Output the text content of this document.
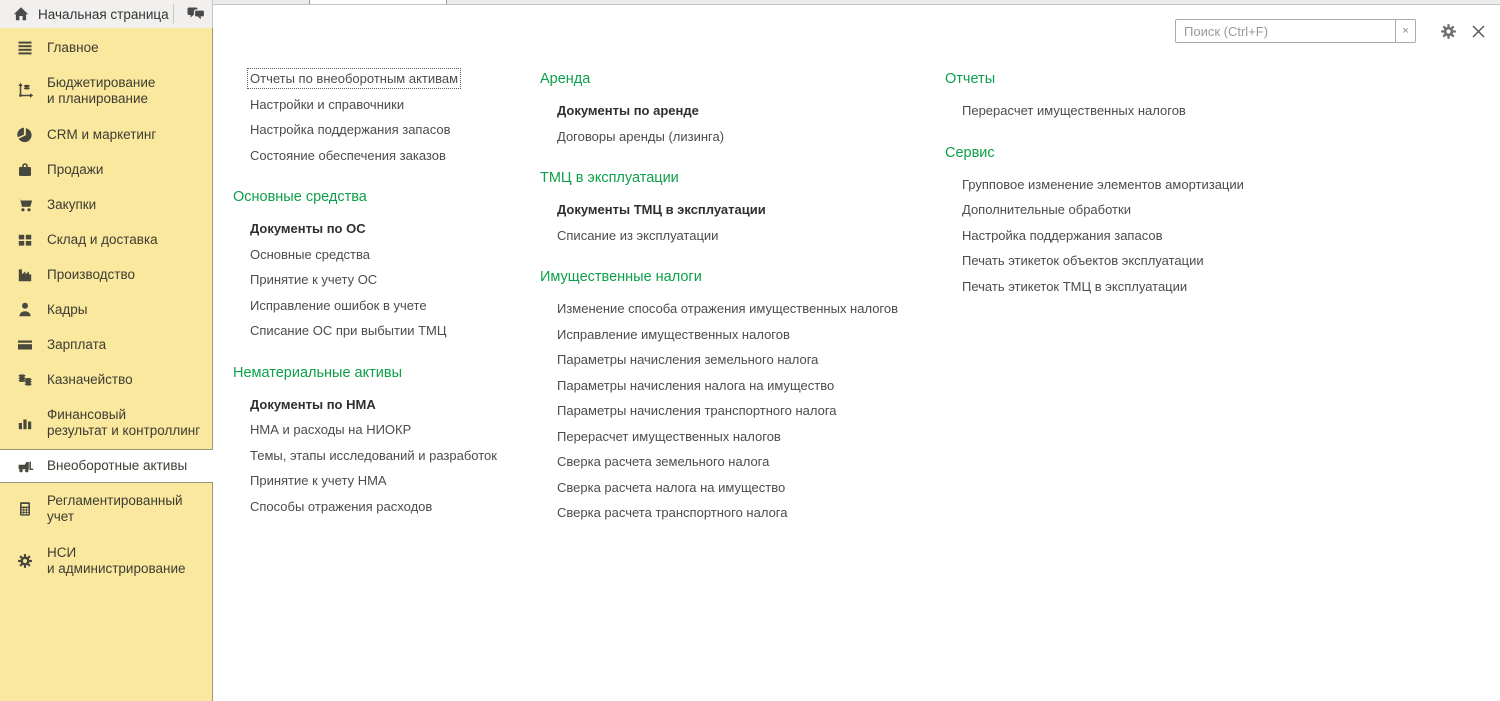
Начальная страница
Главное
Бюджетирование
и планирование
CRM и маркетинг
Продажи
Закупки
Склад и доставка
Производство
Кадры
Зарплата
Казначейство
Финансовый
результат и контроллинг
Внеоборотные активы
Регламентированный
учет
НСИ
и администрирование
Поиск (Ctrl+F)
×
Отчеты по внеоборотным активам
Настройки и справочники
Настройка поддержания запасов
Состояние обеспечения заказов
Основные средства
Документы по ОС
Основные средства
Принятие к учету ОС
Исправление ошибок в учете
Списание ОС при выбытии ТМЦ
Нематериальные активы
Документы по НМА
НМА и расходы на НИОКР
Темы, этапы исследований и разработок
Принятие к учету НМА
Способы отражения расходов
Аренда
Документы по аренде
Договоры аренды (лизинга)
ТМЦ в эксплуатации
Документы ТМЦ в эксплуатации
Списание из эксплуатации
Имущественные налоги
Изменение способа отражения имущественных налогов
Исправление имущественных налогов
Параметры начисления земельного налога
Параметры начисления налога на имущество
Параметры начисления транспортного налога
Перерасчет имущественных налогов
Сверка расчета земельного налога
Сверка расчета налога на имущество
Сверка расчета транспортного налога
Отчеты
Перерасчет имущественных налогов
Сервис
Групповое изменение элементов амортизации
Дополнительные обработки
Настройка поддержания запасов
Печать этикеток объектов эксплуатации
Печать этикеток ТМЦ в эксплуатации
